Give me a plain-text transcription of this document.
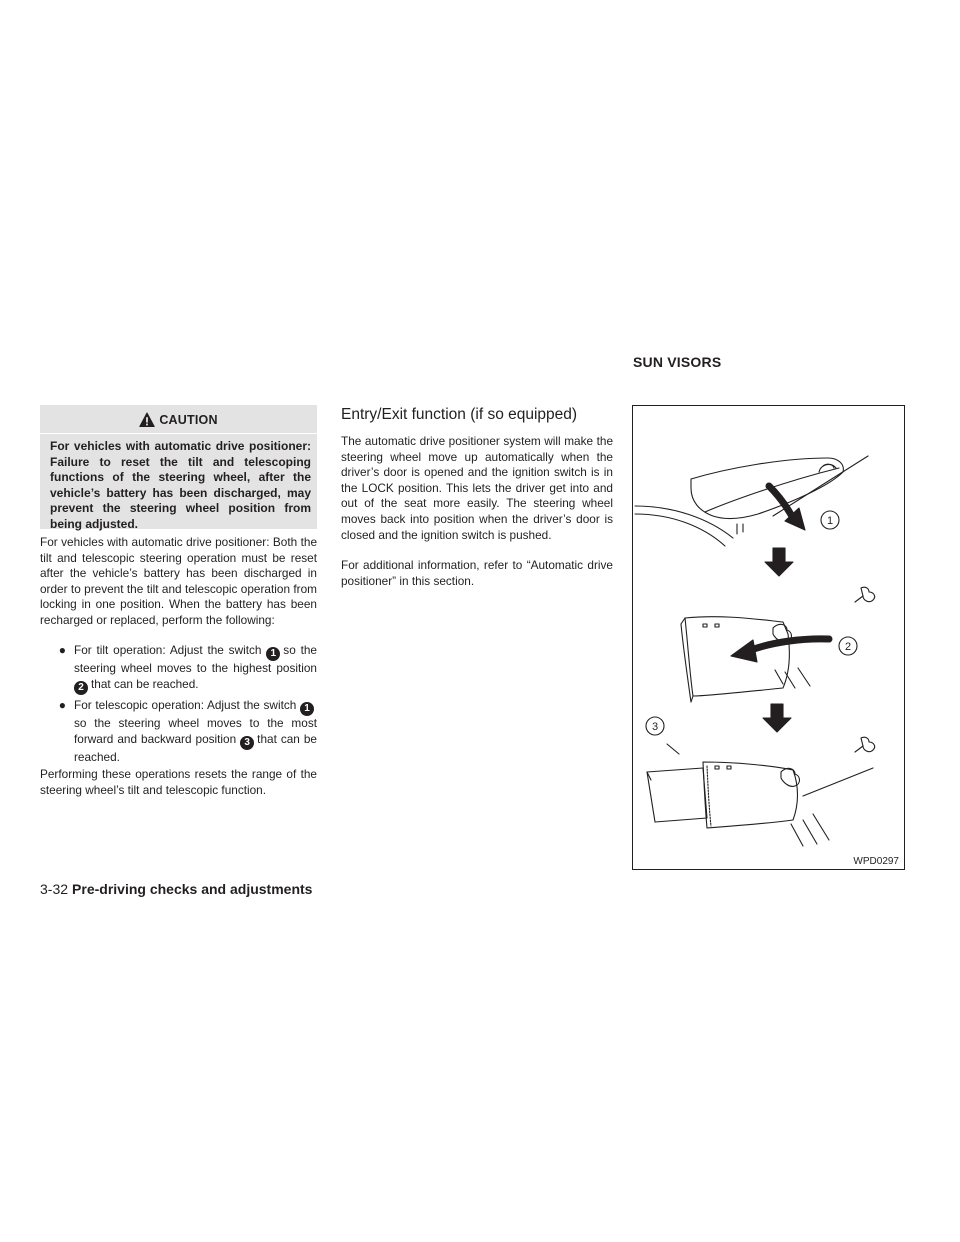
CAUTION

For vehicles with automatic drive positioner: Failure to reset the tilt and telescoping functions of the steering wheel, after the vehicle’s battery has been discharged, may prevent the steering wheel position from being adjusted.

For vehicles with automatic drive positioner: Both the tilt and telescopic steering operation must be reset after the vehicle’s battery has been discharged in order to prevent the tilt and telescopic operation from locking in one position. When the battery has been recharged or replaced, perform the following:

● For tilt operation: Adjust the switch 1 so the steering wheel moves to the highest position 2 that can be reached.
● For telescopic operation: Adjust the switch 1so the steering wheel moves to the most forward and backward position 3 that can be reached.

Performing these operations resets the range of the steering wheel’s tilt and telescopic function.

Entry/Exit function (if so equipped)

The automatic drive positioner system will make the steering wheel move up automatically when the driver’s door is opened and the ignition switch is in the LOCK position. This lets the driver get into and out of the seat more easily. The steering wheel moves back into position when the driver’s door is closed and the ignition switch is pushed.

For additional information, refer to “Automatic drive positioner” in this section.

SUN VISORS
1
2
3
WPD0297
3-32 Pre-driving checks and adjustments
